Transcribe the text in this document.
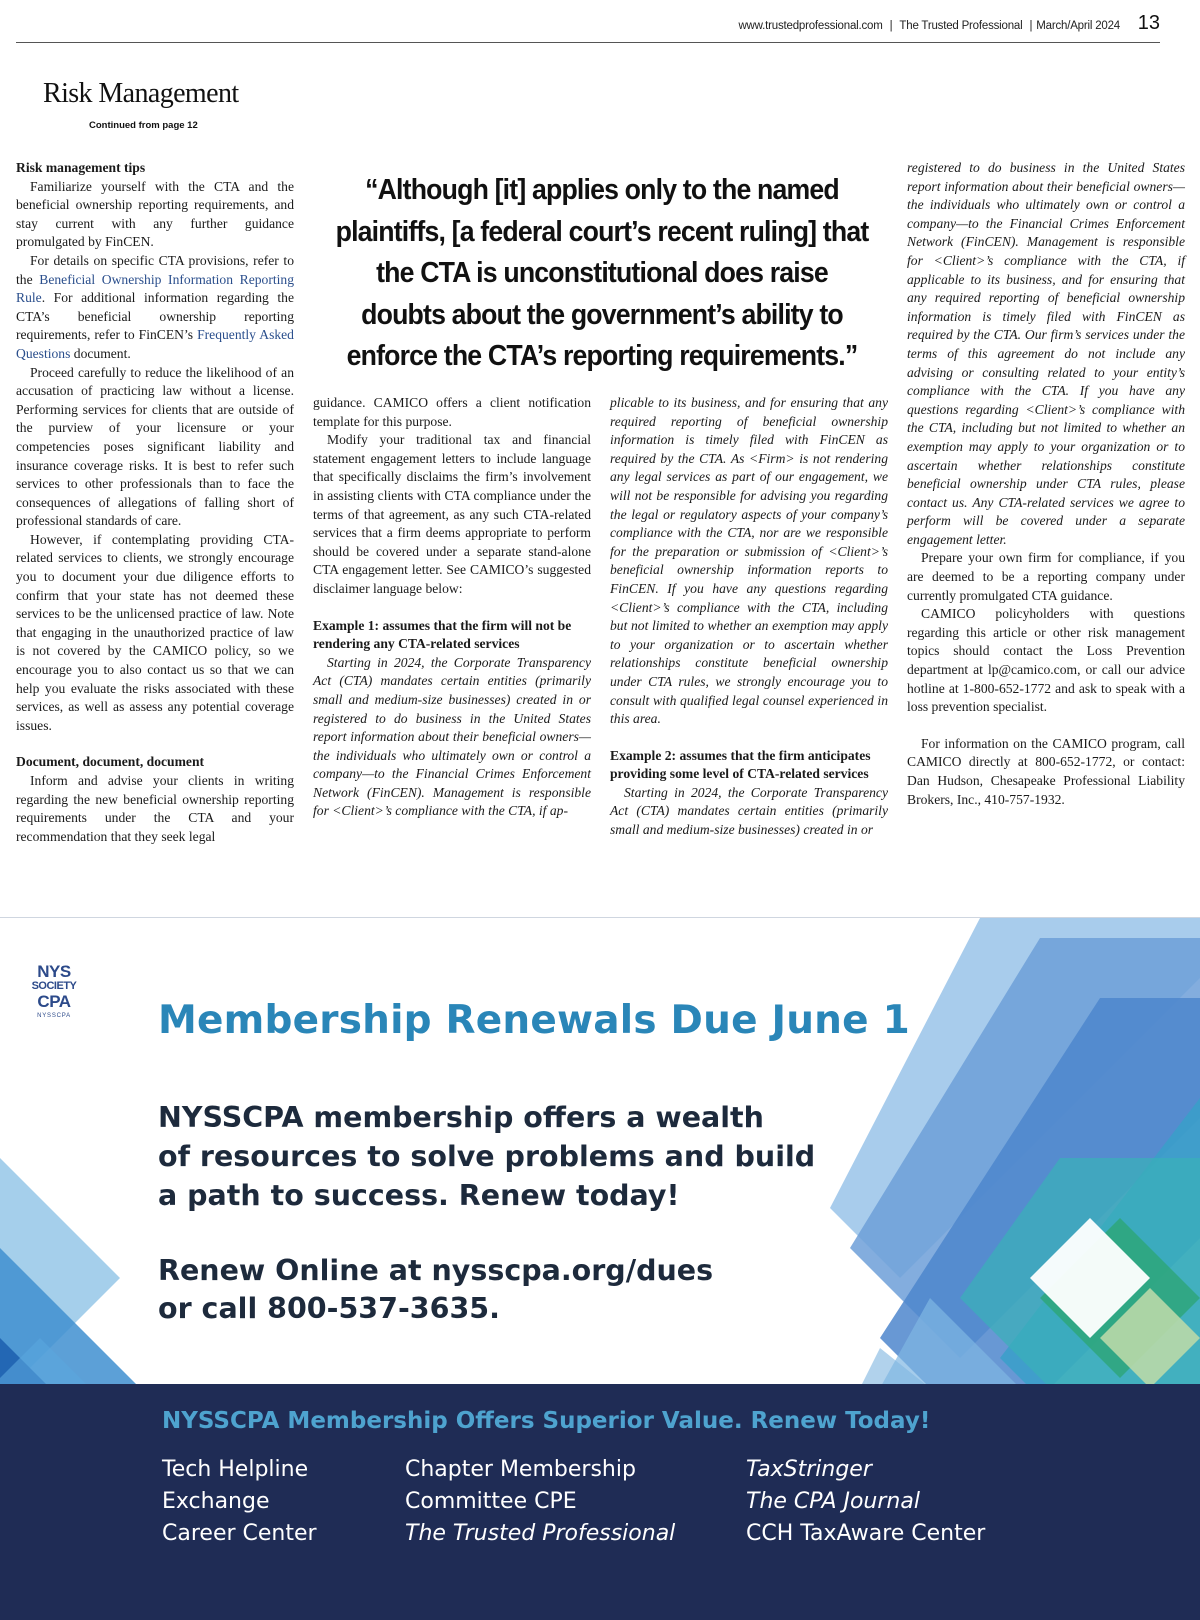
www.trustedprofessional.com | The Trusted Professional | March/April 2024 13
Risk Management
Continued from page 12
“Although [it] applies only to the named plaintiffs, [a federal court’s recent ruling] that the CTA is unconstitutional does raise doubts about the government’s ability to enforce the CTA’s reporting requirements.”
Risk management tips

Familiarize yourself with the CTA and the beneficial ownership reporting requirements, and stay current with any further guidance promulgated by FinCEN.

For details on specific CTA provisions, refer to the Beneficial Ownership Information Reporting Rule. For additional information regarding the CTA’s beneficial ownership reporting requirements, refer to FinCEN’s Frequently Asked Questions document.

Proceed carefully to reduce the likelihood of an accusation of practicing law without a license. Performing services for clients that are outside of the purview of your licensure or your competencies poses significant liability and insurance coverage risks. It is best to refer such services to other professionals than to face the consequences of allegations of falling short of professional standards of care.

However, if contemplating providing CTA-related services to clients, we strongly encourage you to document your due diligence efforts to confirm that your state has not deemed these services to be the unlicensed practice of law. Note that engaging in the unauthorized practice of law is not covered by the CAMICO policy, so we encourage you to also contact us so that we can help you evaluate the risks associated with these services, as well as assess any potential coverage issues.

Document, document, document

Inform and advise your clients in writing regarding the new beneficial ownership reporting requirements under the CTA and your recommendation that they seek legal

guidance. CAMICO offers a client notification template for this purpose.

Modify your traditional tax and financial statement engagement letters to include language that specifically disclaims the firm’s involvement in assisting clients with CTA compliance under the terms of that agreement, as any such CTA-related services that a firm deems appropriate to perform should be covered under a separate stand-alone CTA engagement letter. See CAMICO’s suggested disclaimer language below:

Example 1: assumes that the firm will not be rendering any CTA-related services

Starting in 2024, the Corporate Transparency Act (CTA) mandates certain entities (primarily small and medium-size businesses) created in or registered to do business in the United States report information about their beneficial owners—the individuals who ultimately own or control a company—to the Financial Crimes Enforcement Network (FinCEN). Management is responsible for <Client>’s compliance with the CTA, if ap-

plicable to its business, and for ensuring that any required reporting of beneficial ownership information is timely filed with FinCEN as required by the CTA. As <Firm> is not rendering any legal services as part of our engagement, we will not be responsible for advising you regarding the legal or regulatory aspects of your company’s compliance with the CTA, nor are we responsible for the preparation or submission of <Client>’s beneficial ownership information reports to FinCEN. If you have any questions regarding <Client>’s compliance with the CTA, including but not limited to whether an exemption may apply to your organization or to ascertain whether relationships constitute beneficial ownership under CTA rules, we strongly encourage you to consult with qualified legal counsel experienced in this area.

Example 2: assumes that the firm anticipates providing some level of CTA-related services

Starting in 2024, the Corporate Transparency Act (CTA) mandates certain entities (primarily small and medium-size businesses) created in or

registered to do business in the United States report information about their beneficial owners—the individuals who ultimately own or control a company—to the Financial Crimes Enforcement Network (FinCEN). Management is responsible for <Client>’s compliance with the CTA, if applicable to its business, and for ensuring that any required reporting of beneficial ownership information is timely filed with FinCEN as required by the CTA. Our firm’s services under the terms of this agreement do not include any advising or consulting related to your entity’s compliance with the CTA. If you have any questions regarding <Client>’s compliance with the CTA, including but not limited to whether an exemption may apply to your organization or to ascertain whether relationships constitute beneficial ownership under CTA rules, please contact us. Any CTA-related services we agree to perform will be covered under a separate engagement letter.

Prepare your own firm for compliance, if you are deemed to be a reporting company under currently promulgated CTA guidance.

CAMICO policyholders with questions regarding this article or other risk management topics should contact the Loss Prevention department at lp@camico.com, or call our advice hotline at 1-800-652-1772 and ask to speak with a loss prevention specialist.

For information on the CAMICO program, call CAMICO directly at 800-652-1772, or contact: Dan Hudson, Chesapeake Professional Liability Brokers, Inc., 410-757-1932.

NYS
SOCIETY
CPA
NYSSCPA Membership Renewals Due June 1
NYSSCPA membership offers a wealth
of resources to solve problems and build
a path to success. Renew today!
Renew Online at nysscpa.org/dues
or call 800-537-3635.
NYSSCPA Membership Offers Superior Value. Renew Today!
Tech Helpline
Exchange
Career Center
Chapter Membership
Committee CPE
The Trusted Professional
TaxStringer
The CPA Journal
CCH TaxAware Center
